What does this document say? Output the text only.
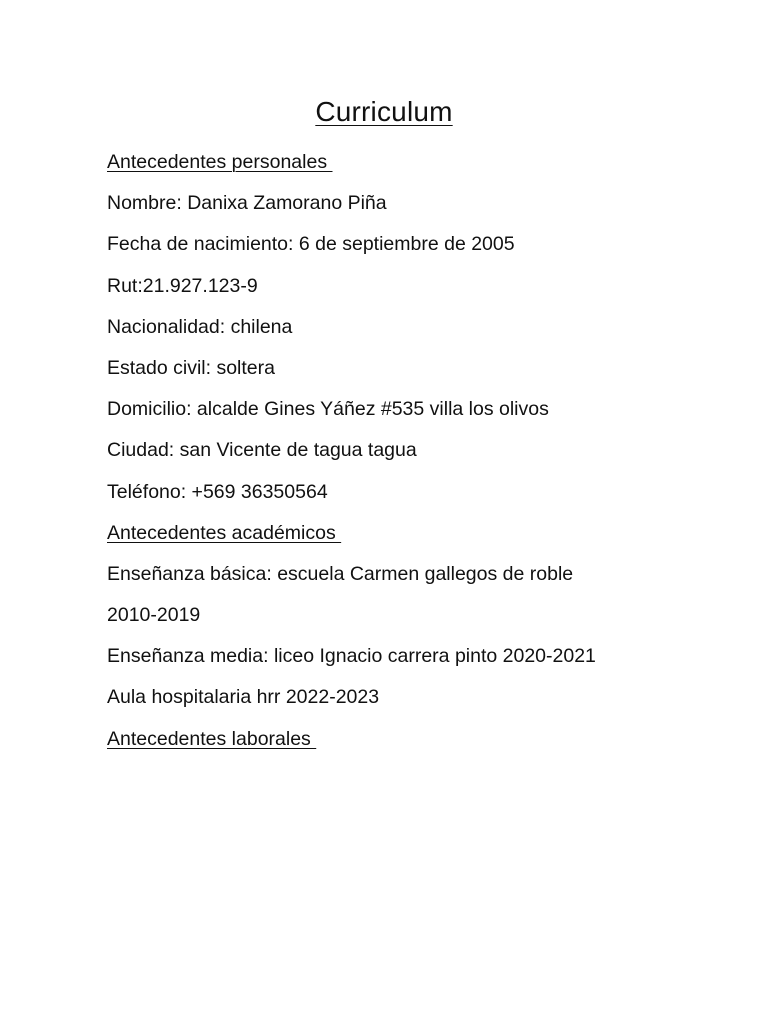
Curriculum
Antecedentes personales
Nombre: Danixa Zamorano Piña
Fecha de nacimiento: 6 de septiembre de 2005
Rut:21.927.123-9
Nacionalidad: chilena
Estado civil: soltera
Domicilio: alcalde Gines Yáñez #535 villa los olivos
Ciudad: san Vicente de tagua tagua
Teléfono: +569 36350564
Antecedentes académicos
Enseñanza básica: escuela Carmen gallegos de roble
2010-2019
Enseñanza media: liceo Ignacio carrera pinto 2020-2021
Aula hospitalaria hrr 2022-2023
Antecedentes laborales
